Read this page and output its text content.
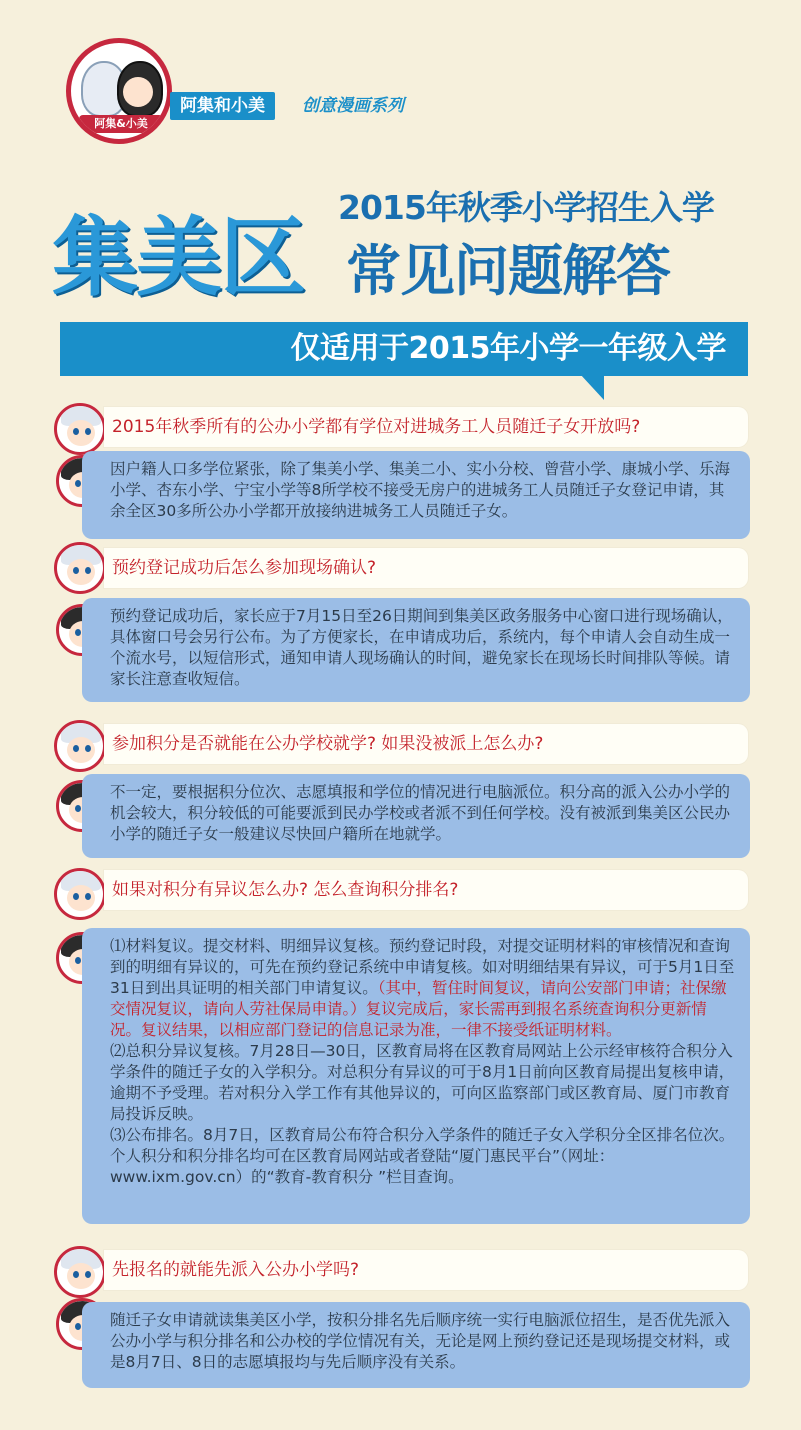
阿集&小美
阿集和小美	创意漫画系列
2015年秋季小学招生入学
集美区 常见问题解答
仅适用于2015年小学一年级入学
2015年秋季所有的公办小学都有学位对进城务工人员随迁子女开放吗?

因户籍人口多学位紧张，除了集美小学、集美二小、实小分校、曾营小学、康城小学、乐海小学、杏东小学、宁宝小学等8所学校不接受无房户的进城务工人员随迁子女登记申请，其余全区30多所公办小学都开放接纳进城务工人员随迁子女。

预约登记成功后怎么参加现场确认?

预约登记成功后，家长应于7月15日至26日期间到集美区政务服务中心窗口进行现场确认，具体窗口号会另行公布。为了方便家长，在申请成功后，系统内，每个申请人会自动生成一个流水号，以短信形式，通知申请人现场确认的时间，避免家长在现场长时间排队等候。请家长注意查收短信。

参加积分是否就能在公办学校就学? 如果没被派上怎么办?

不一定，要根据积分位次、志愿填报和学位的情况进行电脑派位。积分高的派入公办小学的机会较大，积分较低的可能要派到民办学校或者派不到任何学校。没有被派到集美区公民办小学的随迁子女一般建议尽快回户籍所在地就学。

如果对积分有异议怎么办? 怎么查询积分排名?

⑴材料复议。提交材料、明细异议复核。预约登记时段，对提交证明材料的审核情况和查询到的明细有异议的，可先在预约登记系统中申请复核。如对明细结果有异议，可于5月1日至31日到出具证明的相关部门申请复议。（其中，暂住时间复议，请向公安部门申请；社保缴交情况复议，请向人劳社保局申请。）复议完成后，家长需再到报名系统查询积分更新情况。复议结果，以相应部门登记的信息记录为准，一律不接受纸证明材料。

⑵总积分异议复核。7月28日—30日，区教育局将在区教育局网站上公示经审核符合积分入学条件的随迁子女的入学积分。对总积分有异议的可于8月1日前向区教育局提出复核申请，逾期不予受理。若对积分入学工作有其他异议的，可向区监察部门或区教育局、厦门市教育局投诉反映。

⑶公布排名。8月7日，区教育局公布符合积分入学条件的随迁子女入学积分全区排名位次。个人积分和积分排名均可在区教育局网站或者登陆“厦门惠民平台”（网址：www.ixm.gov.cn）的“教育-教育积分 ”栏目查询。

先报名的就能先派入公办小学吗?

随迁子女申请就读集美区小学，按积分排名先后顺序统一实行电脑派位招生，是否优先派入公办小学与积分排名和公办校的学位情况有关，无论是网上预约登记还是现场提交材料，或是8月7日、8日的志愿填报均与先后顺序没有关系。
